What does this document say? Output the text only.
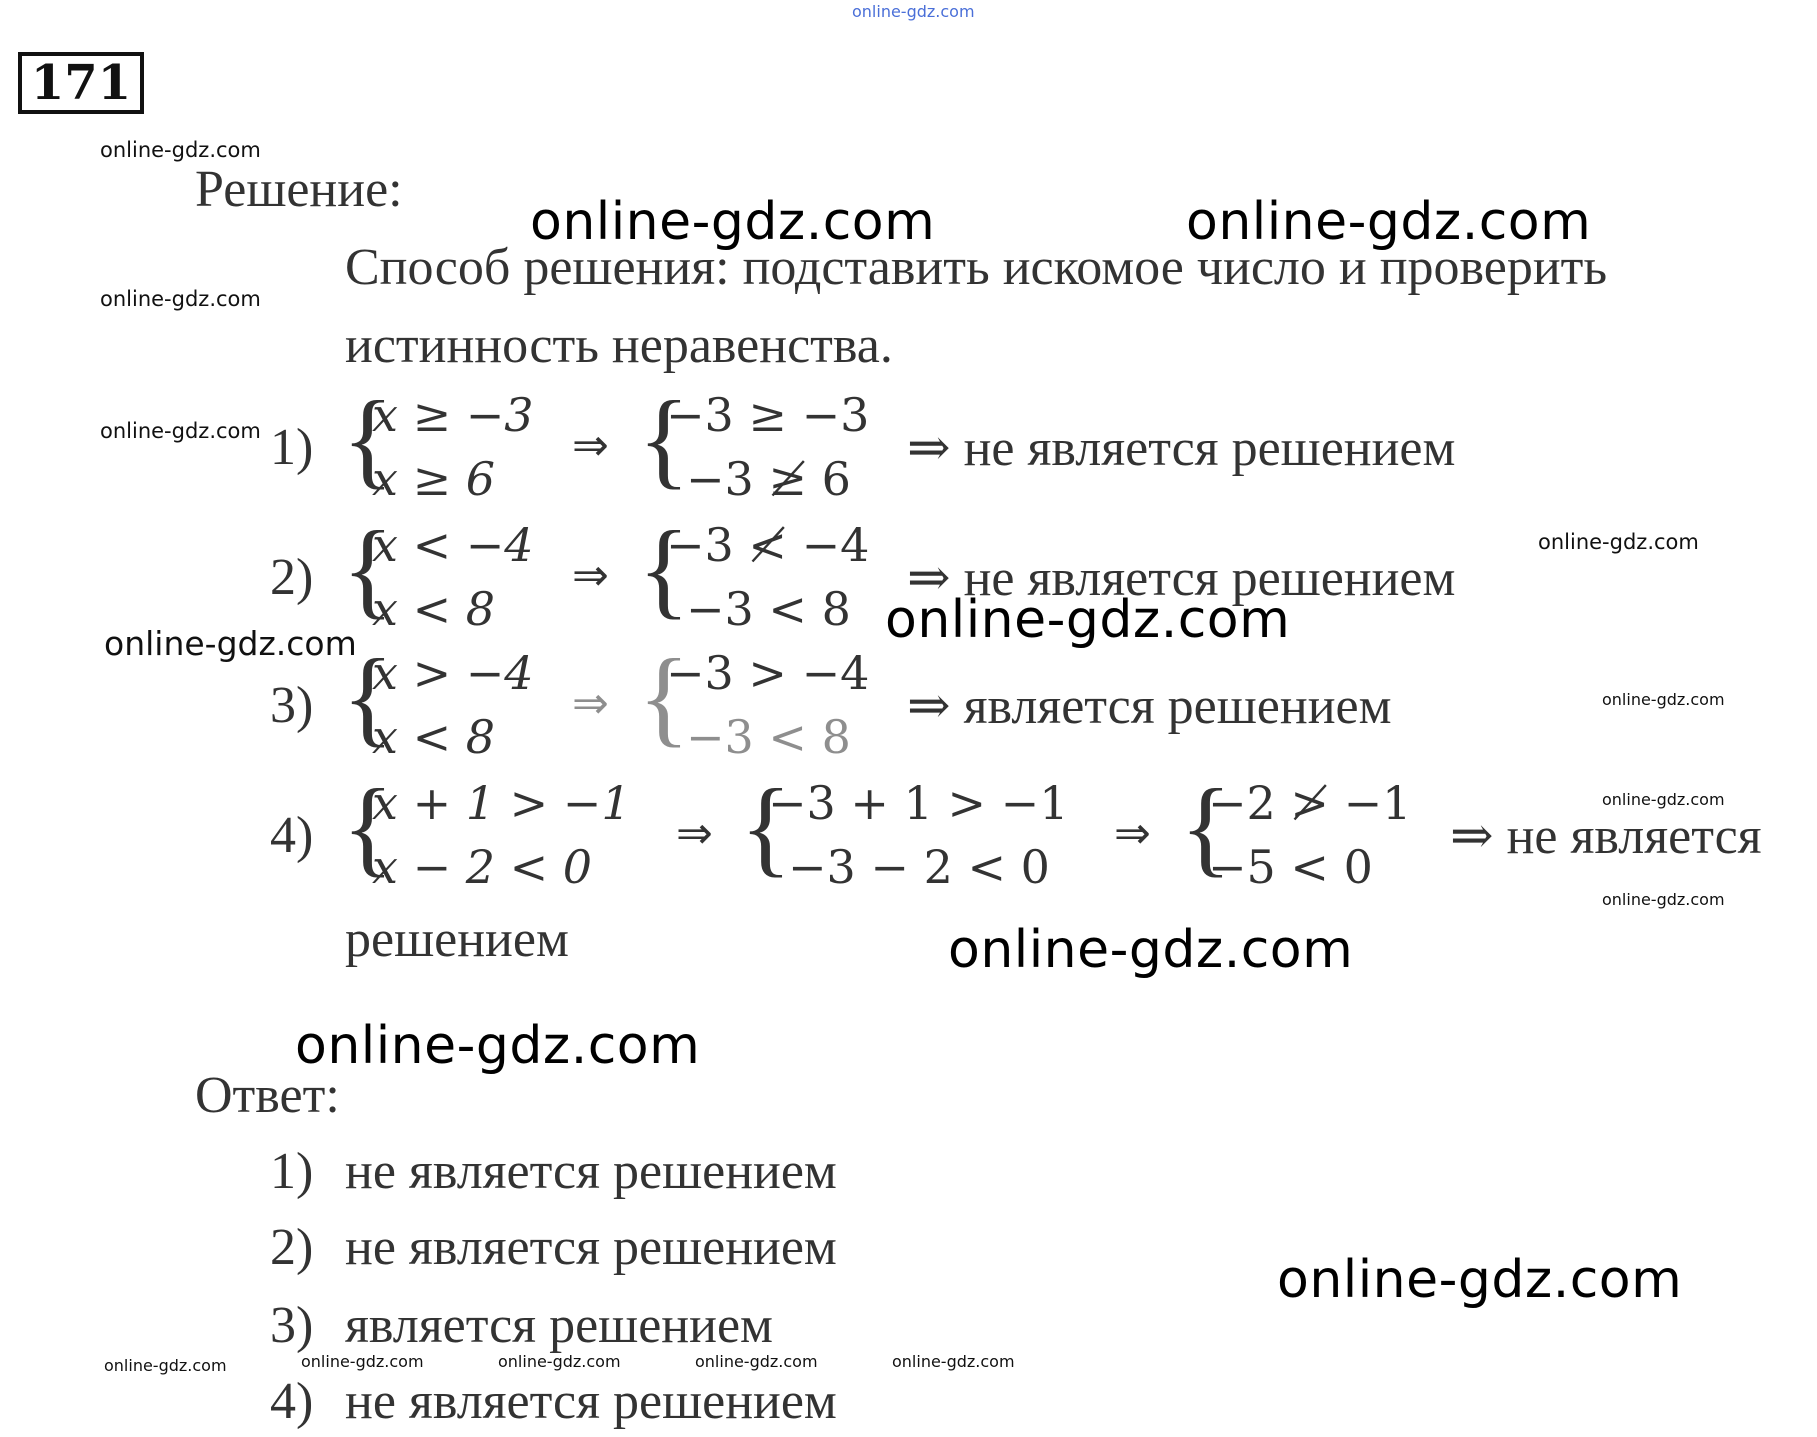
online-gdz.com
171
online-gdz.com
online-gdz.com
online-gdz.com
online-gdz.com
online-gdz.com
online-gdz.com
online-gdz.com
online-gdz.com
online-gdz.com	online-gdz.com	online-gdz.com	online-gdz.com	online-gdz.com
online-gdz.com	online-gdz.com
online-gdz.com
online-gdz.com
online-gdz.com
online-gdz.com
Решение:
Способ решения: подставить искомое число и проверить
истинность неравенства.
1) {
x ≥ −3
x ≥ 6
⇒ {
−3 ≥ −3
−3 ≱ 6
⇒ не является решением
2) {
x < −4
x < 8
⇒ {
−3 ≮ −4
−3 < 8
⇒ не является решением
3) {
x > −4
x < 8
⇒ {
−3 > −4
−3 < 8
⇒ является решением
4) {
x + 1 > −1
x − 2 < 0
⇒ {
−3 + 1 > −1
−3 − 2 < 0
⇒ {
−2 ≯ −1
−5 < 0
⇒ не является
решением
Ответ:
1) не является решением
2) не является решением
3) является решением
4) не является решением
